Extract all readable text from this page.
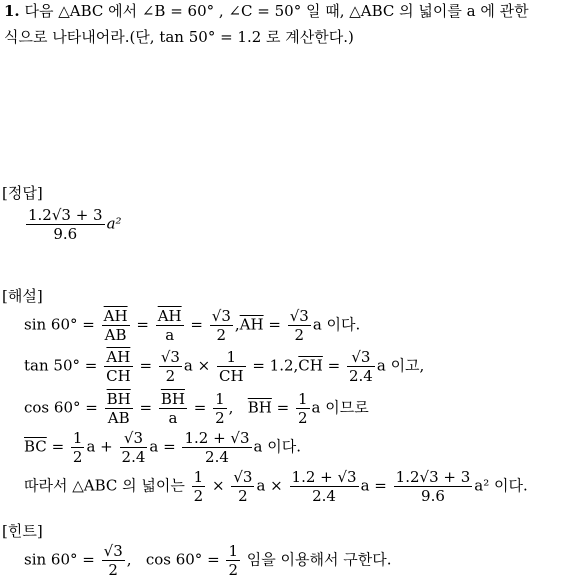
1. 다음 △ABC 에서 ∠B = 60° , ∠C = 50° 일 때, △ABC 의 넓이를 a 에 관한
식으로 나타내어라.(단, tan 50° = 1.2 로 계산한다.)
[정답]
$\frac{1.2√3 + 3}{9.6} a^2$
[해설]
$\sin 60^\circ = \frac{\overline{AH}}{AB} = \frac{\overline{AH}}{a} = \frac{√3}{2} ,\overline{AH} = \frac{√3}{2}$ a 이다.
$\tan 50^\circ = \frac{\overline{AH}}{CH} = \frac{√3}{2}$ $a \times \frac{1}{CH} = 1.2,\overline{CH} = \frac{√3}{2.4}$ a 이고,
$\cos 60^\circ = \frac{\overline{BH}}{AB} = \frac{\overline{BH}}{a} = \frac{1}{2}$ , $\overline{BH} = \frac{1}{2}$ a 이므로
$\overline{BC} = \frac{1}{2}$ $a + \frac{√3}{2.4}$ $a = \frac{1.2 + √3}{2.4}$ a 이다.
따라서 △ABC 의 넓이는 $\frac{1}{2} \times \frac{√3}{2}$ $a \times \frac{1.2 + √3}{2.4}$ $a = \frac{1.2√3 + 3}{9.6} a^2$ 이다.
[힌트]
$\sin 60^\circ = \frac{√3}{2}$ ,   $\cos 60^\circ = \frac{1}{2}$ 임을 이용해서 구한다.
